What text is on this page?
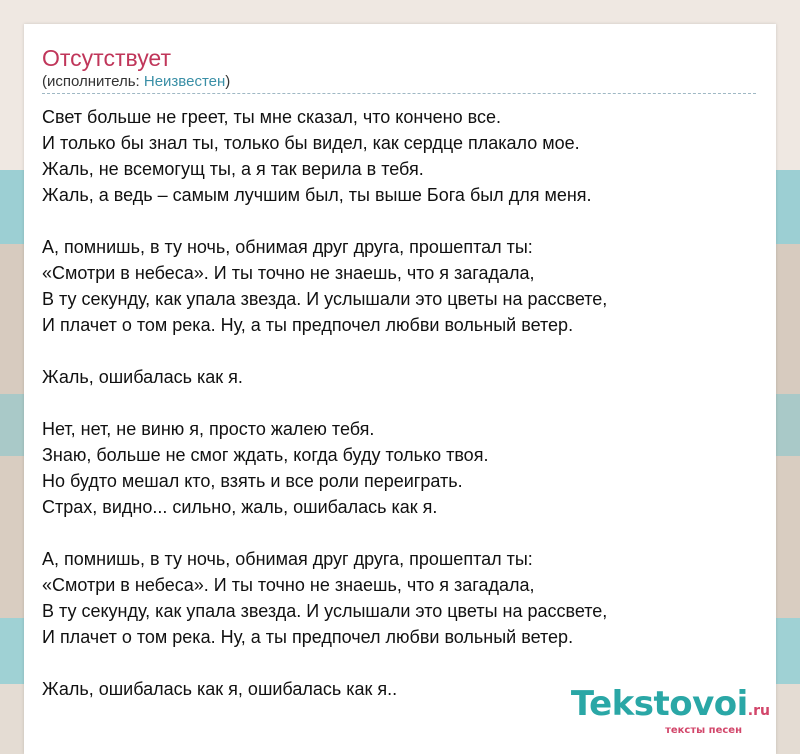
Отсутствует
(исполнитель: Неизвестен)
Свет больше не греет, ты мне сказал, что кончено все.
И только бы знал ты, только бы видел, как сердце плакало мое.
Жаль, не всемогущ ты, а я так верила в тебя.
Жаль, а ведь – самым лучшим был, ты выше Бога был для меня.
А, помнишь, в ту ночь, обнимая друг друга, прошептал ты:
«Смотри в небеса». И ты точно не знаешь, что я загадала,
В ту секунду, как упала звезда. И услышали это цветы на рассвете,
И плачет о том река. Ну, а ты предпочел любви вольный ветер.
Жаль, ошибалась как я.
Нет, нет, не виню я, просто жалею тебя.
Знаю, больше не смог ждать, когда буду только твоя.
Но будто мешал кто, взять и все роли переиграть.
Страх, видно... сильно, жаль, ошибалась как я.
А, помнишь, в ту ночь, обнимая друг друга, прошептал ты:
«Смотри в небеса». И ты точно не знаешь, что я загадала,
В ту секунду, как упала звезда. И услышали это цветы на рассвете,
И плачет о том река. Ну, а ты предпочел любви вольный ветер.
Жаль, ошибалась как я, ошибалась как я..	Tekstovoi.ru
тексты песен
